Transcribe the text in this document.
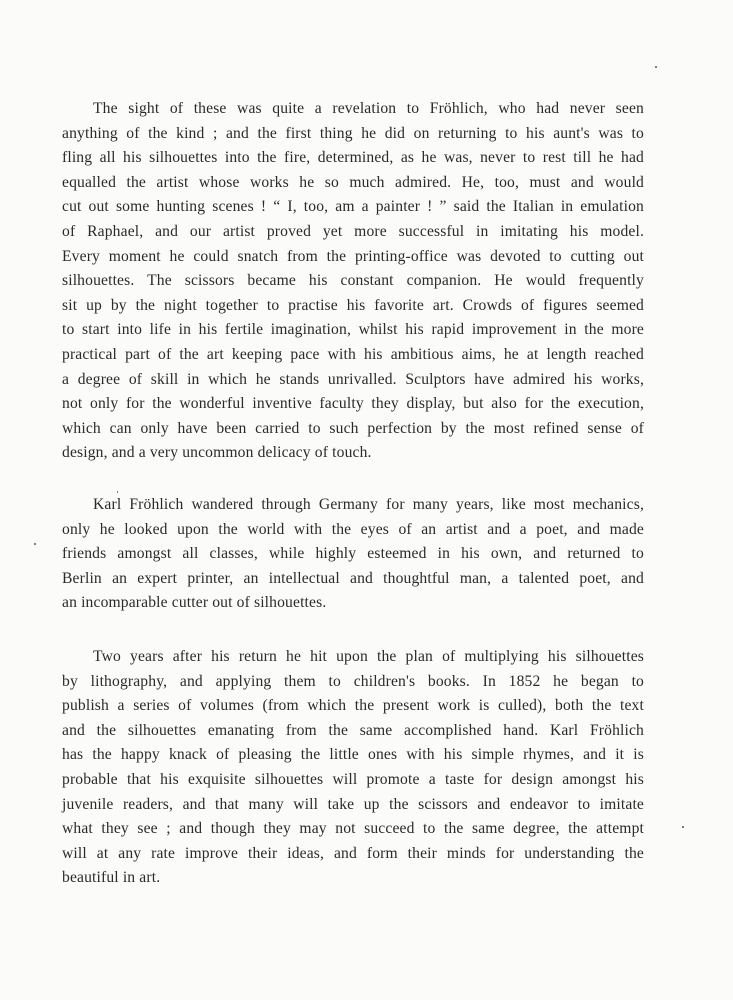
The sight of these was quite a revelation to Fröhlich, who had never seen
anything of the kind ; and the first thing he did on returning to his aunt's was to
fling all his silhouettes into the fire, determined, as he was, never to rest till he had
equalled the artist whose works he so much admired. He, too, must and would
cut out some hunting scenes ! “ I, too, am a painter ! ” said the Italian in emulation
of Raphael, and our artist proved yet more successful in imitating his model.
Every moment he could snatch from the printing-office was devoted to cutting out
silhouettes. The scissors became his constant companion. He would frequently
sit up by the night together to practise his favorite art. Crowds of figures seemed
to start into life in his fertile imagination, whilst his rapid improvement in the more
practical part of the art keeping pace with his ambitious aims, he at length reached
a degree of skill in which he stands unrivalled. Sculptors have admired his works,
not only for the wonderful inventive faculty they display, but also for the execution,
which can only have been carried to such perfection by the most refined sense of
design, and a very uncommon delicacy of touch.
Karl Fröhlich wandered through Germany for many years, like most mechanics,
only he looked upon the world with the eyes of an artist and a poet, and made
friends amongst all classes, while highly esteemed in his own, and returned to
Berlin an expert printer, an intellectual and thoughtful man, a talented poet, and
an incomparable cutter out of silhouettes.
Two years after his return he hit upon the plan of multiplying his silhouettes
by lithography, and applying them to children's books. In 1852 he began to
publish a series of volumes (from which the present work is culled), both the text
and the silhouettes emanating from the same accomplished hand. Karl Fröhlich
has the happy knack of pleasing the little ones with his simple rhymes, and it is
probable that his exquisite silhouettes will promote a taste for design amongst his
juvenile readers, and that many will take up the scissors and endeavor to imitate
what they see ; and though they may not succeed to the same degree, the attempt
will at any rate improve their ideas, and form their minds for understanding the
beautiful in art.
